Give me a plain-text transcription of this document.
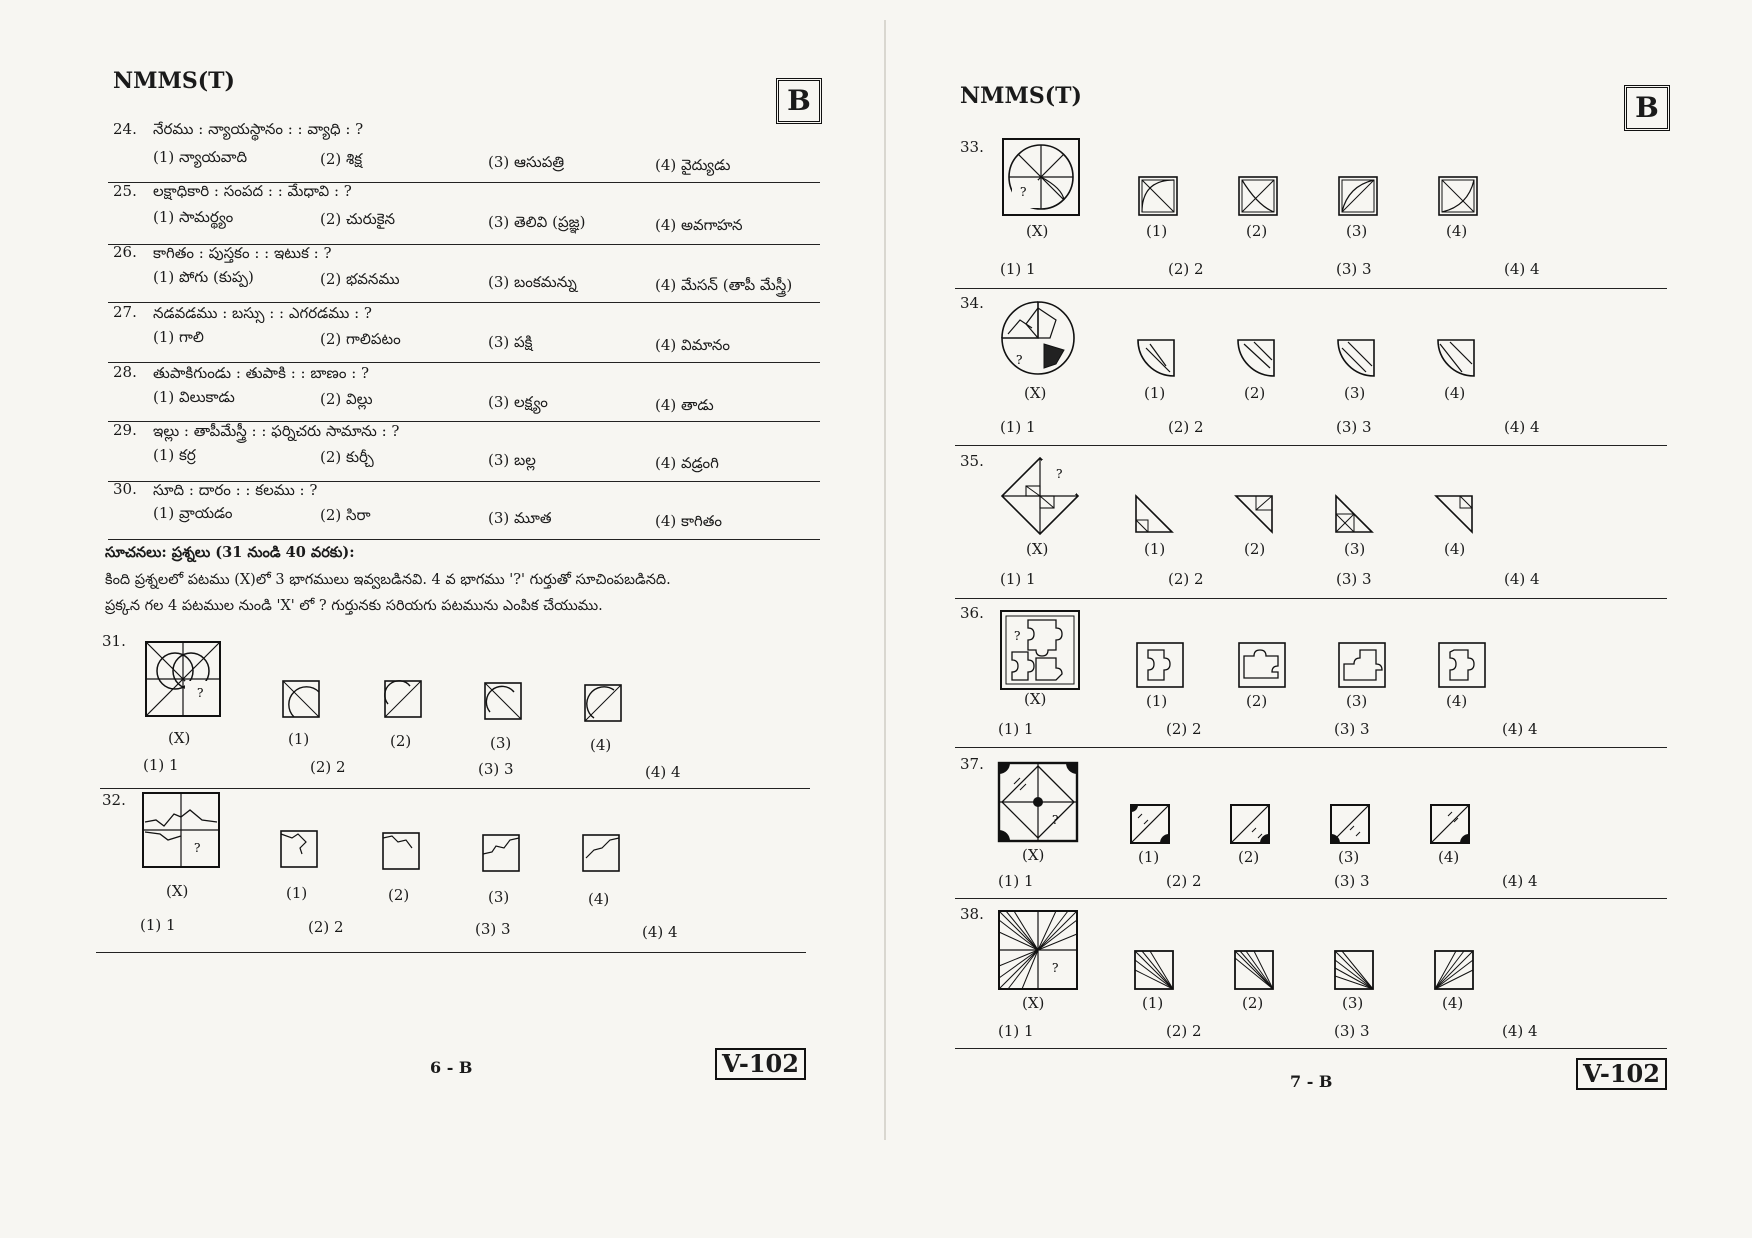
NMMS(T)
B
24. నేరము : న్యాయస్థానం : : వ్యాధి : ?
(1) న్యాయవాది	(2) శిక్ష	(3) ఆసుపత్రి	(4) వైద్యుడు
25. లక్షాధికారి : సంపద : : మేధావి : ?
(1) సామర్థ్యం	(2) చురుకైన	(3) తెలివి (ప్రజ్ఞ)	(4) అవగాహన
26. కాగితం : పుస్తకం : : ఇటుక : ?
(1) పోగు (కుప్ప)	(2) భవనము	(3) బంకమన్ను	(4) మేసన్ (తాపీ మేస్త్రీ)
27. నడవడము : బస్సు : : ఎగరడము : ?
(1) గాలి	(2) గాలిపటం	(3) పక్షి	(4) విమానం
28. తుపాకిగుండు : తుపాకి : : బాణం : ?
(1) విలుకాడు	(2) విల్లు	(3) లక్ష్యం	(4) తాడు
29. ఇల్లు : తాపీమేస్త్రీ : : ఫర్నిచరు సామాను : ?
(1) కర్ర	(2) కుర్చీ	(3) బల్ల	(4) వడ్రంగి
30. సూది : దారం : : కలము : ?
(1) వ్రాయడం	(2) సిరా	(3) మూత	(4) కాగితం
సూచనలు: ప్రశ్నలు (31 నుండి 40 వరకు):
కింది ప్రశ్నలలో పటము (X)లో 3 భాగములు ఇవ్వబడినవి. 4 వ భాగము '?' గుర్తుతో సూచింపబడినది.
ప్రక్కన గల 4 పటముల నుండి 'X' లో ? గుర్తునకు సరియగు పటమును ఎంపిక చేయుము.
31.
?
(X)	(1)	(2)	(3)	(4)
(1) 1	(2) 2	(3) 3	(4) 4
32.
?
(X)	(1)	(2)	(3)	(4)
(1) 1	(2) 2	(3) 3	(4) 4
6 - B	V-102
NMMS(T)	B
33.
?
(X)	(1)	(2)	(3)	(4)
(1) 1	(2) 2	(3) 3	(4) 4
34.
?
(X)	(1)	(2)	(3)	(4)
(1) 1	(2) 2	(3) 3	(4) 4
35.
?
(X)	(1)	(2)	(3)	(4)
(1) 1	(2) 2	(3) 3	(4) 4
36.
?
(X)	(1)	(2)	(3)	(4)
(1) 1	(2) 2	(3) 3	(4) 4
37.
?
(X)	(1)	(2)	(3)	(4)
(1) 1	(2) 2	(3) 3	(4) 4
38.
?
(X)	(1)	(2)	(3)	(4)
(1) 1	(2) 2	(3) 3	(4) 4
7 - B	V-102
